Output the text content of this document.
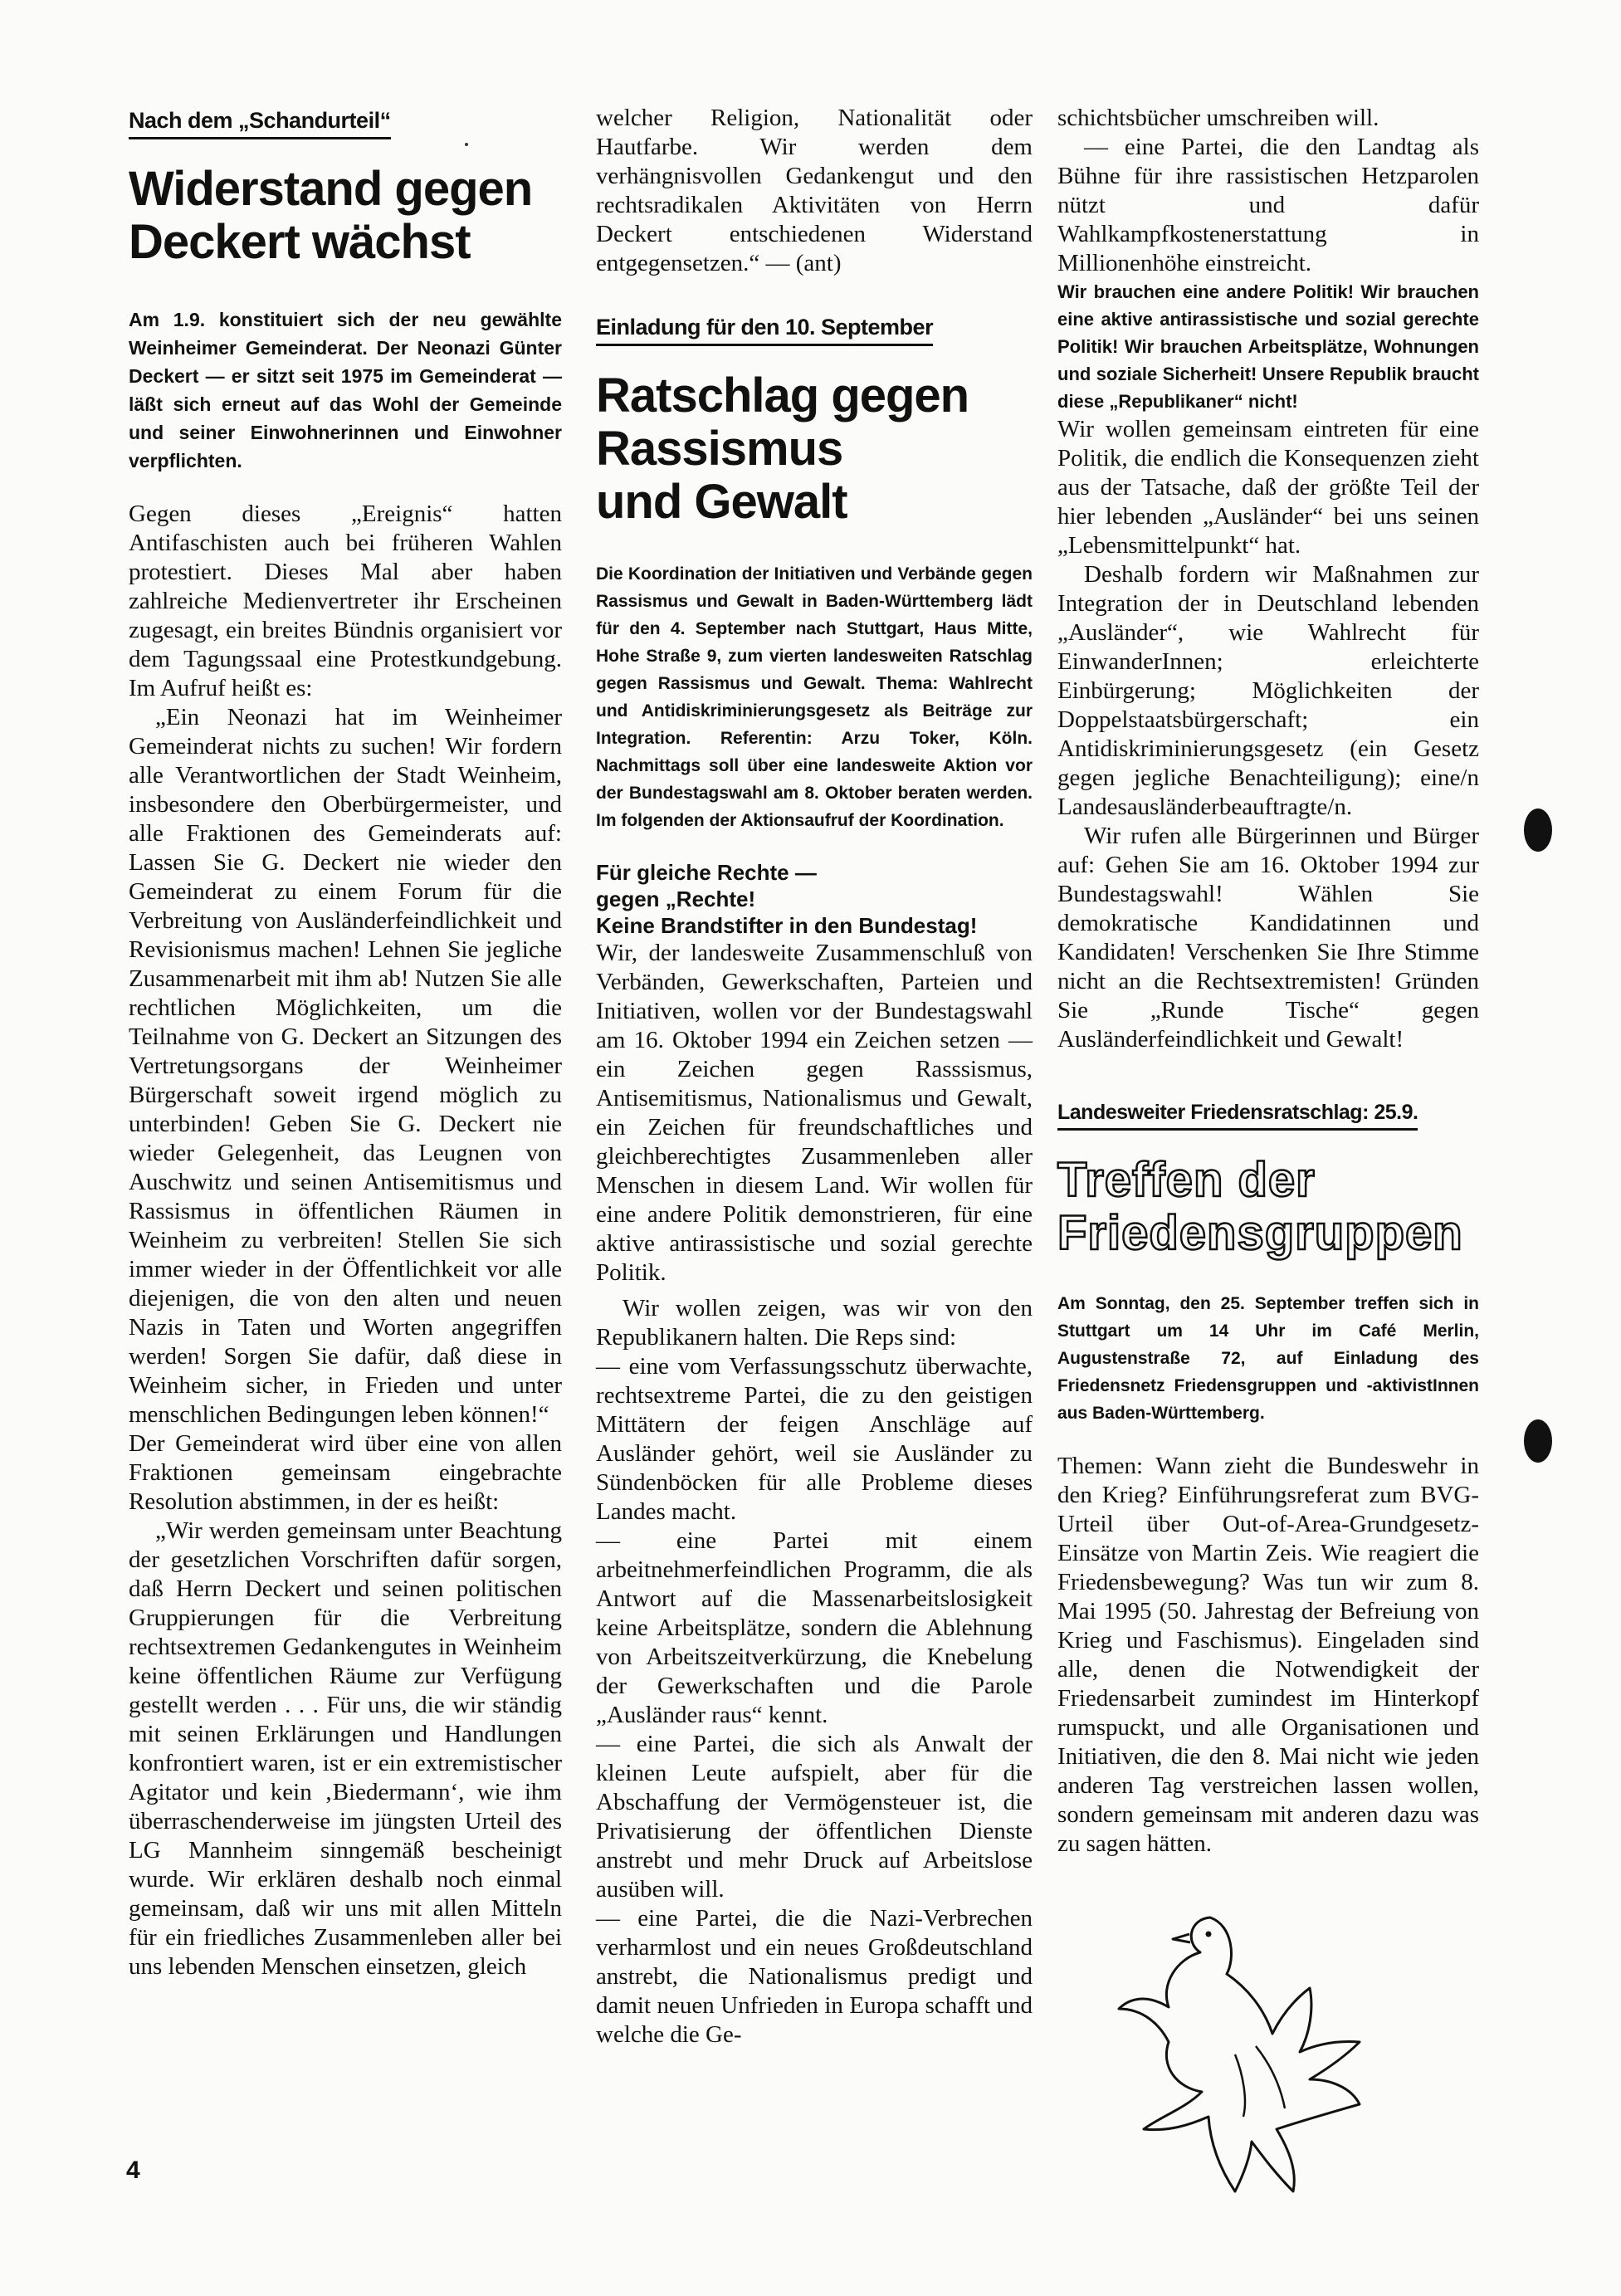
Nach dem „Schandurteil“
Widerstand gegen
Deckert wächst

Am 1.9. konstituiert sich der neu gewählte Weinheimer Gemeinderat. Der Neonazi Günter Deckert — er sitzt seit 1975 im Gemeinderat — läßt sich erneut auf das Wohl der Gemeinde und seiner Einwohnerinnen und Einwohner verpflichten.

Gegen dieses „Ereignis“ hatten Antifaschisten auch bei früheren Wahlen protestiert. Dieses Mal aber haben zahlreiche Medienvertreter ihr Erscheinen zugesagt, ein breites Bündnis organisiert vor dem Tagungssaal eine Protestkundgebung. Im Aufruf heißt es:

„Ein Neonazi hat im Weinheimer Gemeinderat nichts zu suchen! Wir fordern alle Verantwortlichen der Stadt Weinheim, insbesondere den Oberbürgermeister, und alle Fraktionen des Gemeinderats auf: Lassen Sie G. Deckert nie wieder den Gemeinderat zu einem Forum für die Verbreitung von Ausländerfeindlichkeit und Revisionismus machen! Lehnen Sie jegliche Zusammenarbeit mit ihm ab! Nutzen Sie alle rechtlichen Möglichkeiten, um die Teilnahme von G. Deckert an Sitzungen des Vertretungsorgans der Weinheimer Bürgerschaft soweit irgend möglich zu unterbinden! Geben Sie G. Deckert nie wieder Gelegenheit, das Leugnen von Auschwitz und seinen Antisemitismus und Rassismus in öffentlichen Räumen in Weinheim zu verbreiten! Stellen Sie sich immer wieder in der Öffentlichkeit vor alle diejenigen, die von den alten und neuen Nazis in Taten und Worten angegriffen werden! Sorgen Sie dafür, daß diese in Weinheim sicher, in Frieden und unter menschlichen Bedingungen leben können!“

Der Gemeinderat wird über eine von allen Fraktionen gemeinsam eingebrachte Resolution abstimmen, in der es heißt:

„Wir werden gemeinsam unter Beachtung der gesetzlichen Vorschriften dafür sorgen, daß Herrn Deckert und seinen politischen Gruppierungen für die Verbreitung rechtsextremen Gedankengutes in Weinheim keine öffentlichen Räume zur Verfügung gestellt werden . . . Für uns, die wir ständig mit seinen Erklärungen und Handlungen konfrontiert waren, ist er ein extremistischer Agitator und kein ‚Biedermann‘, wie ihm überraschenderweise im jüngsten Urteil des LG Mannheim sinngemäß bescheinigt wurde. Wir erklären deshalb noch einmal gemeinsam, daß wir uns mit allen Mitteln für ein friedliches Zusammenleben aller bei uns lebenden Menschen einsetzen, gleich

welcher Religion, Nationalität oder Hautfarbe. Wir werden dem verhängnisvollen Gedankengut und den rechtsradikalen Aktivitäten von Herrn Deckert entschiedenen Widerstand entgegensetzen.“ — (ant)

Einladung für den 10. September
Ratschlag gegen
Rassismus
und Gewalt

Die Koordination der Initiativen und Verbände gegen Rassismus und Gewalt in Baden-Württemberg lädt für den 4. September nach Stuttgart, Haus Mitte, Hohe Straße 9, zum vierten landesweiten Ratschlag gegen Rassismus und Gewalt. Thema: Wahlrecht und Antidiskriminierungsgesetz als Beiträge zur Integration. Referentin: Arzu Toker, Köln. Nachmittags soll über eine landesweite Aktion vor der Bundestagswahl am 8. Oktober beraten werden. Im folgenden der Aktionsaufruf der Koordination.

Für gleiche Rechte —
gegen „Rechte!
Keine Brandstifter in den Bundestag!

Wir, der landesweite Zusammenschluß von Verbänden, Gewerkschaften, Parteien und Initiativen, wollen vor der Bundestagswahl am 16. Oktober 1994 ein Zeichen setzen — ein Zeichen gegen Rasssismus, Antisemitismus, Nationalismus und Gewalt, ein Zeichen für freundschaftliches und gleichberechtigtes Zusammenleben aller Menschen in diesem Land. Wir wollen für eine andere Politik demonstrieren, für eine aktive antirassistische und sozial gerechte Politik.

Wir wollen zeigen, was wir von den Republikanern halten. Die Reps sind:

— eine vom Verfassungsschutz überwachte, rechtsextreme Partei, die zu den geistigen Mittätern der feigen Anschläge auf Ausländer gehört, weil sie Ausländer zu Sündenböcken für alle Probleme dieses Landes macht.

— eine Partei mit einem arbeitnehmerfeindlichen Programm, die als Antwort auf die Massenarbeitslosigkeit keine Arbeitsplätze, sondern die Ablehnung von Arbeitszeitverkürzung, die Knebelung der Gewerkschaften und die Parole „Ausländer raus“ kennt.

— eine Partei, die sich als Anwalt der kleinen Leute aufspielt, aber für die Abschaffung der Vermögensteuer ist, die Privatisierung der öffentlichen Dienste anstrebt und mehr Druck auf Arbeitslose ausüben will.

— eine Partei, die die Nazi-Verbrechen verharmlost und ein neues Großdeutschland anstrebt, die Nationalismus predigt und damit neuen Unfrieden in Europa schafft und welche die Ge-

schichtsbücher umschreiben will.

— eine Partei, die den Landtag als Bühne für ihre rassistischen Hetzparolen nützt und dafür Wahlkampfkostenerstattung in Millionenhöhe einstreicht.

Wir brauchen eine andere Politik! Wir brauchen eine aktive antirassistische und sozial gerechte Politik! Wir brauchen Arbeitsplätze, Wohnungen und soziale Sicherheit! Unsere Republik braucht diese „Republikaner“ nicht!

Wir wollen gemeinsam eintreten für eine Politik, die endlich die Konsequenzen zieht aus der Tatsache, daß der größte Teil der hier lebenden „Ausländer“ bei uns seinen „Lebensmittelpunkt“ hat.

Deshalb fordern wir Maßnahmen zur Integration der in Deutschland lebenden „Ausländer“, wie Wahlrecht für EinwanderInnen; erleichterte Einbürgerung; Möglichkeiten der Doppelstaatsbürgerschaft; ein Antidiskriminierungsgesetz (ein Gesetz gegen jegliche Benachteiligung); eine/n Landesausländerbeauftragte/n.

Wir rufen alle Bürgerinnen und Bürger auf: Gehen Sie am 16. Oktober 1994 zur Bundestagswahl! Wählen Sie demokratische Kandidatinnen und Kandidaten! Verschenken Sie Ihre Stimme nicht an die Rechtsextremisten! Gründen Sie „Runde Tische“ gegen Ausländerfeindlichkeit und Gewalt!

Landesweiter Friedensratschlag: 25.9.
Treffen der
Friedensgruppen

Am Sonntag, den 25. September treffen sich in Stuttgart um 14 Uhr im Café Merlin, Augustenstraße 72, auf Einladung des Friedensnetz Friedensgruppen und -aktivistInnen aus Baden-Württemberg.

Themen: Wann zieht die Bundeswehr in den Krieg? Einführungsreferat zum BVG-Urteil über Out-of-Area-Grundgesetz-Einsätze von Martin Zeis. Wie reagiert die Friedensbewegung? Was tun wir zum 8. Mai 1995 (50. Jahrestag der Befreiung von Krieg und Faschismus). Eingeladen sind alle, denen die Notwendigkeit der Friedensarbeit zumindest im Hinterkopf rumspuckt, und alle Organisationen und Initiativen, die den 8. Mai nicht wie jeden anderen Tag verstreichen lassen wollen, sondern gemeinsam mit anderen dazu was zu sagen hätten.

4
